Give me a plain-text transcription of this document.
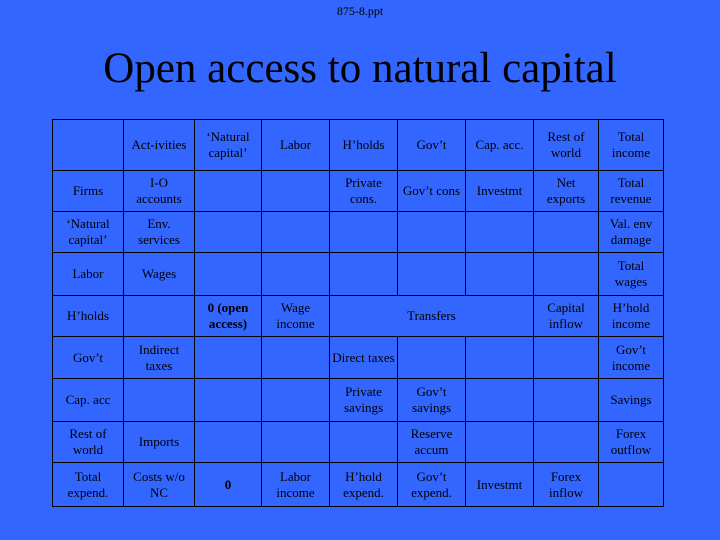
875-8.ppt
Open access to natural capital
	Act-ivities	‘Natural capital’	Labor	H’holds	Gov’t	Cap. acc.	Rest of world	Total income
Firms	I-O accounts			Private cons.	Gov’t cons	Investmt	Net exports	Total revenue
‘Natural capital’	Env. services							Val. env damage
Labor	Wages							Total wages
H’holds		0 (open access)	Wage income	Transfers			Capital inflow	H’hold income
Gov’t	Indirect taxes			Direct taxes				Gov’t income
Cap. acc				Private savings	Gov’t savings			Savings
Rest of world	Imports				Reserve accum			Forex outflow
Total expend.	Costs w/o NC	0	Labor income	H’hold expend.	Gov’t expend.	Investmt	Forex inflow	
